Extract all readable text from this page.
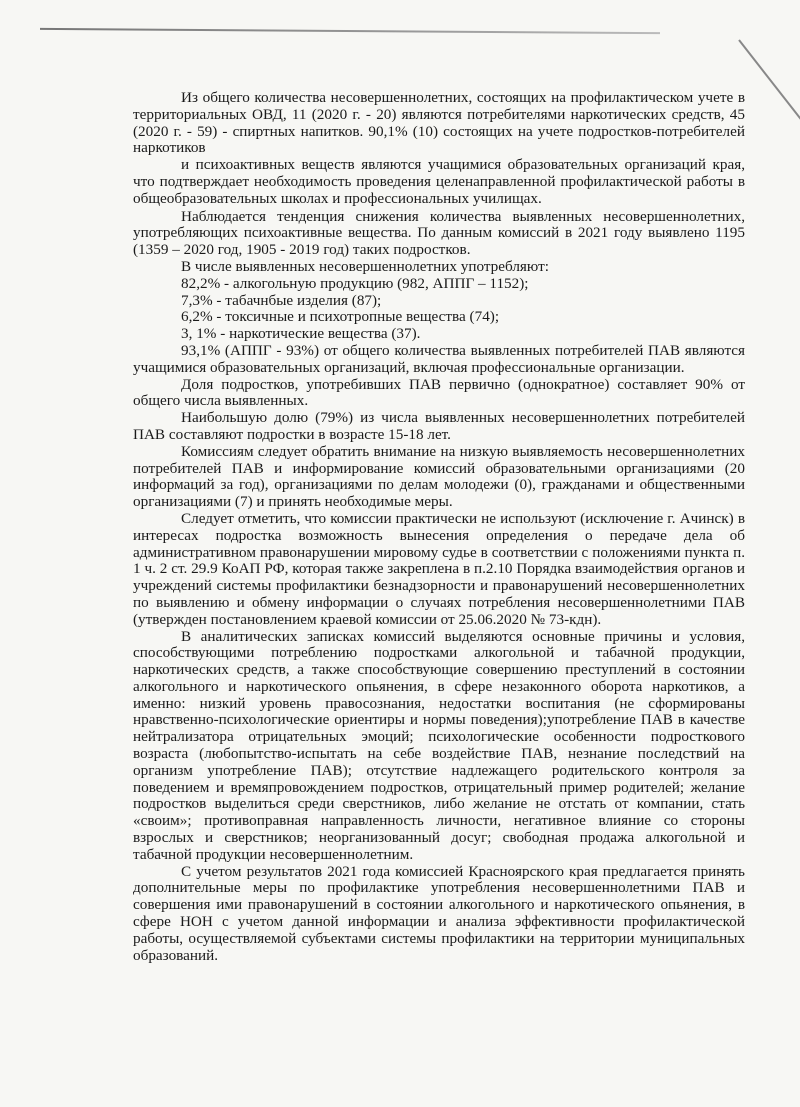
Из общего количества несовершеннолетних, состоящих на профилактическом учете в территориальных ОВД, 11 (2020 г. - 20) являются потребителями наркотических средств, 45 (2020 г. - 59) - спиртных напитков. 90,1% (10) состоящих на учете подростков-потребителей наркотиков

и психоактивных веществ являются учащимися образовательных организаций края, что подтверждает необходимость проведения целенаправленной профилактической работы в общеобразовательных школах и профессиональных училищах.

Наблюдается тенденция снижения количества выявленных несовершеннолетних, употребляющих психоактивные вещества. По данным комиссий в 2021 году выявлено 1195 (1359 – 2020 год, 1905 - 2019 год) таких подростков.

В числе выявленных несовершеннолетних употребляют:

82,2% - алкогольную продукцию (982, АППГ – 1152);

7,3% - табачнбые изделия (87);

6,2% - токсичные и психотропные вещества (74);

3, 1% - наркотические вещества (37).

93,1% (АППГ - 93%) от общего количества выявленных потребителей ПАВ являются учащимися образовательных организаций, включая профессиональные организации.

Доля подростков, употребивших ПАВ первично (однократное) составляет 90% от общего числа выявленных.

Наибольшую долю (79%) из числа выявленных несовершеннолетних потребителей ПАВ составляют подростки в возрасте 15-18 лет.

Комиссиям следует обратить внимание на низкую выявляемость несовершеннолетних потребителей ПАВ и информирование комиссий образовательными организациями (20 информаций за год), организациями по делам молодежи (0), гражданами и общественными организациями (7) и принять необходимые меры.

Следует отметить, что комиссии практически не используют (исключение г. Ачинск) в интересах подростка возможность вынесения определения о передаче дела об административном правонарушении мировому судье в соответствии с положениями пункта п. 1 ч. 2 ст. 29.9 КоАП РФ, которая также закреплена в п.2.10 Порядка взаимодействия органов и учреждений системы профилактики безнадзорности и правонарушений несовершеннолетних по выявлению и обмену информации о случаях потребления несовершеннолетними ПАВ (утвержден постановлением краевой комиссии от 25.06.2020 № 73-кдн).

В аналитических записках комиссий выделяются основные причины и условия, способствующими потреблению подростками алкогольной и табачной продукции, наркотических средств, а также способствующие совершению преступлений в состоянии алкогольного и наркотического опьянения, в сфере незаконного оборота наркотиков, а именно: низкий уровень правосознания, недостатки воспитания (не сформированы нравственно-психологические ориентиры и нормы поведения);употребление ПАВ в качестве нейтрализатора отрицательных эмоций; психологические особенности подросткового возраста (любопытство-испытать на себе воздействие ПАВ, незнание последствий на организм употребление ПАВ); отсутствие надлежащего родительского контроля за поведением и времяпровождением подростков, отрицательный пример родителей; желание подростков выделиться среди сверстников, либо желание не отстать от компании, стать «своим»; противоправная направленность личности, негативное влияние со стороны взрослых и сверстников; неорганизованный досуг; свободная продажа алкогольной и табачной продукции несовершеннолетним.

С учетом результатов 2021 года комиссией Красноярского края предлагается принять дополнительные меры по профилактике употребления несовершеннолетними ПАВ и совершения ими правонарушений в состоянии алкогольного и наркотического опьянения, в сфере НОН с учетом данной информации и анализа эффективности профилактической работы, осуществляемой субъектами системы профилактики на территории муниципальных образований.
